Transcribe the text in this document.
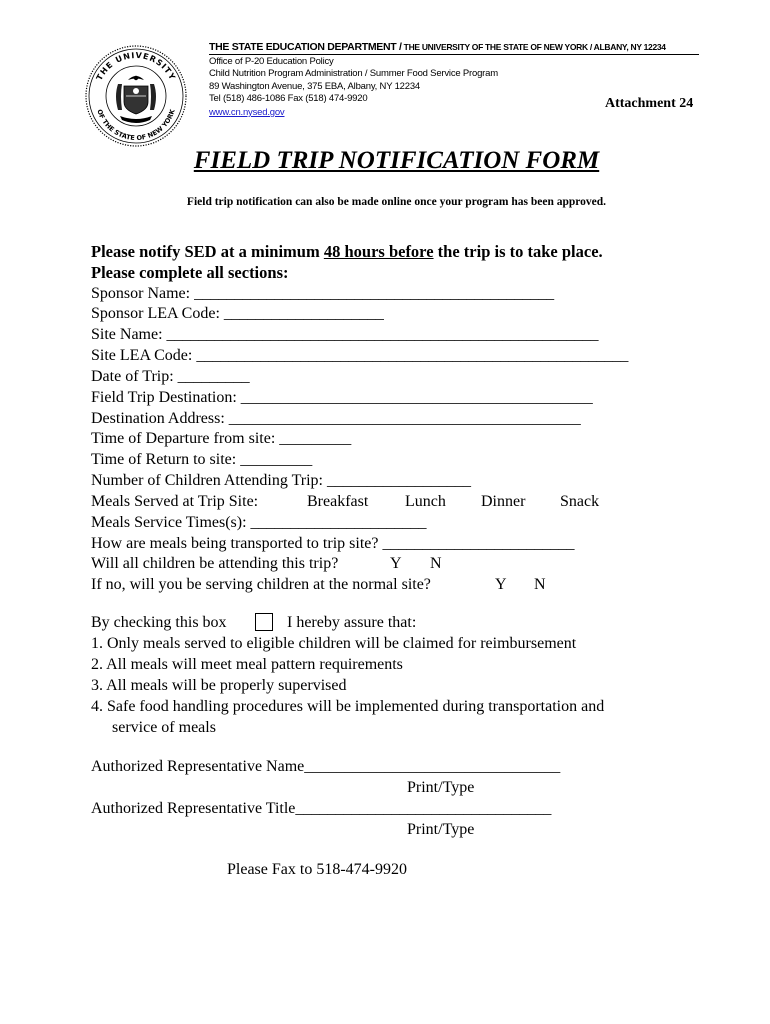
THE UNIVERSITY
OF THE STATE OF NEW YORK
THE STATE EDUCATION DEPARTMENT / THE UNIVERSITY OF THE STATE OF NEW YORK / ALBANY, NY 12234
Office of P-20 Education Policy
Child Nutrition Program Administration / Summer Food Service Program
89 Washington Avenue, 375 EBA, Albany, NY 12234
Tel (518) 486-1086 Fax (518) 474-9920
www.cn.nysed.gov
Attachment 24
FIELD TRIP NOTIFICATION FORM
Field trip notification can also be made online once your program has been approved.
Please notify SED at a minimum 48 hours before the trip is to take place.
Please complete all sections:
Sponsor Name: _____________________________________________
Sponsor LEA Code: ____________________
Site Name: ______________________________________________________
Site LEA Code: ______________________________________________________
Date of Trip: _________
Field Trip Destination: ____________________________________________
Destination Address: ____________________________________________
Time of Departure from site: _________
Time of Return to site: _________
Number of Children Attending Trip: __________________
Meals Served at Trip Site:	Breakfast Lunch Dinner Snack
Meals Service Times(s): ______________________
How are meals being transported to trip site? ________________________
Will all children be attending this trip?	Y N
If no, will you be serving children at the normal site?	Y N
By checking this box	I hereby assure that:
1. Only meals served to eligible children will be claimed for reimbursement
2. All meals will meet meal pattern requirements
3. All meals will be properly supervised
4. Safe food handling procedures will be implemented during transportation and
service of meals
Authorized Representative Name________________________________
Print/Type
Authorized Representative Title________________________________
Print/Type
Please Fax to 518-474-9920
